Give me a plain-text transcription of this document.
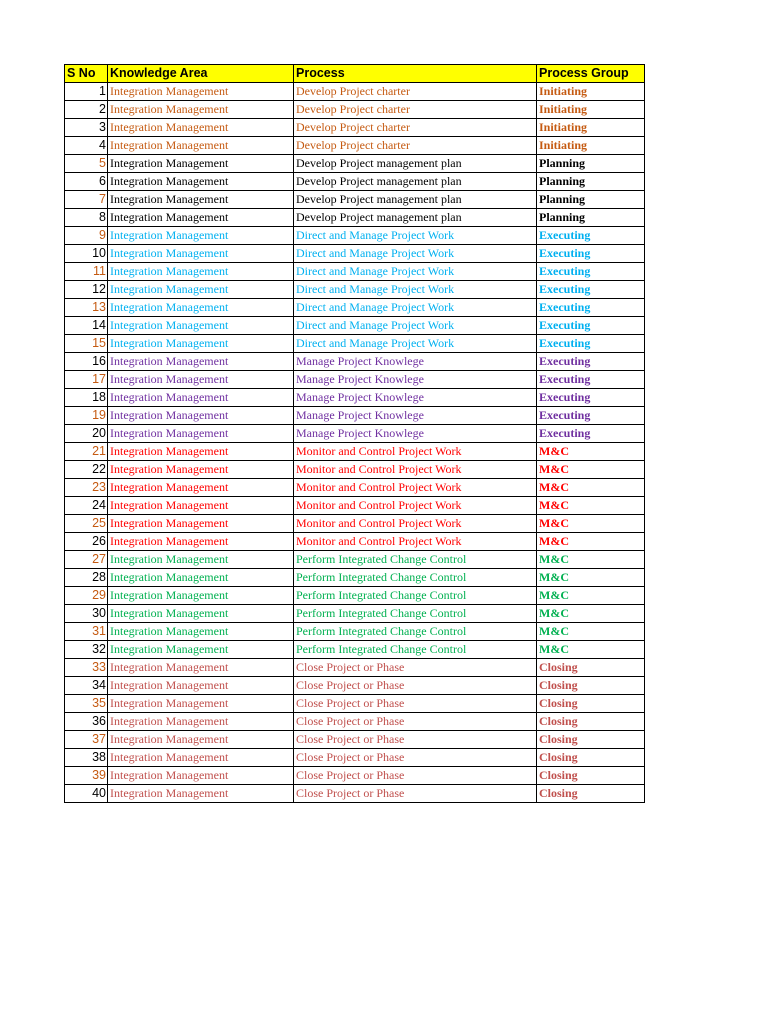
S No	Knowledge Area	Process	Process Group
1	Integration Management	Develop Project charter	Initiating
2	Integration Management	Develop Project charter	Initiating
3	Integration Management	Develop Project charter	Initiating
4	Integration Management	Develop Project charter	Initiating
5	Integration Management	Develop Project management plan	Planning
6	Integration Management	Develop Project management plan	Planning
7	Integration Management	Develop Project management plan	Planning
8	Integration Management	Develop Project management plan	Planning
9	Integration Management	Direct and Manage Project Work	Executing
10	Integration Management	Direct and Manage Project Work	Executing
11	Integration Management	Direct and Manage Project Work	Executing
12	Integration Management	Direct and Manage Project Work	Executing
13	Integration Management	Direct and Manage Project Work	Executing
14	Integration Management	Direct and Manage Project Work	Executing
15	Integration Management	Direct and Manage Project Work	Executing
16	Integration Management	Manage Project Knowlege	Executing
17	Integration Management	Manage Project Knowlege	Executing
18	Integration Management	Manage Project Knowlege	Executing
19	Integration Management	Manage Project Knowlege	Executing
20	Integration Management	Manage Project Knowlege	Executing
21	Integration Management	Monitor and Control Project Work	M&C
22	Integration Management	Monitor and Control Project Work	M&C
23	Integration Management	Monitor and Control Project Work	M&C
24	Integration Management	Monitor and Control Project Work	M&C
25	Integration Management	Monitor and Control Project Work	M&C
26	Integration Management	Monitor and Control Project Work	M&C
27	Integration Management	Perform Integrated Change Control	M&C
28	Integration Management	Perform Integrated Change Control	M&C
29	Integration Management	Perform Integrated Change Control	M&C
30	Integration Management	Perform Integrated Change Control	M&C
31	Integration Management	Perform Integrated Change Control	M&C
32	Integration Management	Perform Integrated Change Control	M&C
33	Integration Management	Close Project or Phase	Closing
34	Integration Management	Close Project or Phase	Closing
35	Integration Management	Close Project or Phase	Closing
36	Integration Management	Close Project or Phase	Closing
37	Integration Management	Close Project or Phase	Closing
38	Integration Management	Close Project or Phase	Closing
39	Integration Management	Close Project or Phase	Closing
40	Integration Management	Close Project or Phase	Closing
